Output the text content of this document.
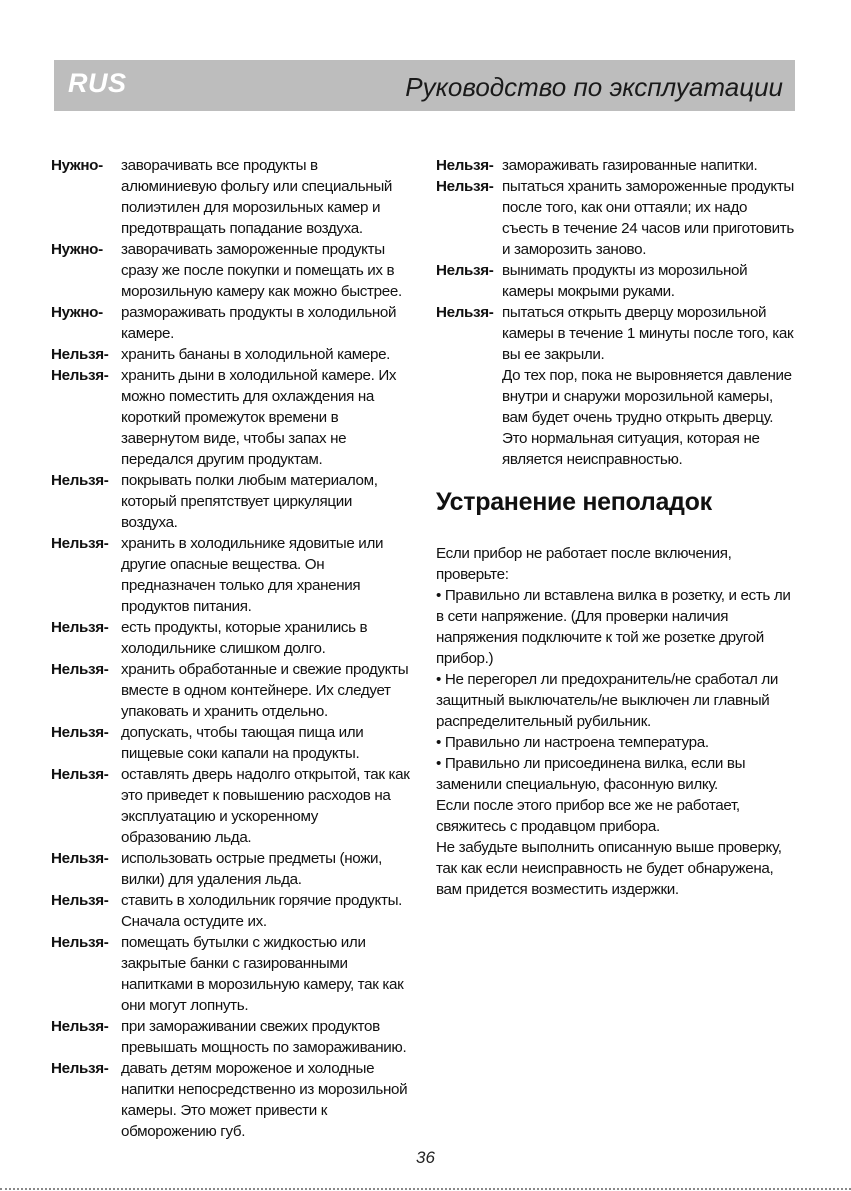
RUS	Руководство по эксплуатации
Нужно-	заворачивать все продукты в алюминиевую фольгу или специальный полиэтилен для морозильных камер и предотвращать попадание воздуха.
Нужно-	заворачивать замороженные продукты сразу же после покупки и помещать их в морозильную камеру как можно быстрее.
Нужно-	размораживать продукты в холодильной камере.
Нельзя- хранить бананы в холодильной камере.
Нельзя- хранить дыни в холодильной камере. Их можно поместить для охлаждения на короткий промежуток времени в завернутом виде, чтобы запах не передался другим продуктам.
Нельзя- покрывать полки любым материалом, который препятствует циркуляции воздуха.
Нельзя- хранить в холодильнике ядовитые или другие опасные вещества. Он предназначен только для хранения продуктов питания.
Нельзя- есть продукты, которые хранились в холодильнике слишком долго.
Нельзя- хранить обработанные и свежие продукты вместе в одном контейнере. Их следует упаковать и хранить отдельно.
Нельзя- допускать, чтобы тающая пища или пищевые соки капали на продукты.
Нельзя- оставлять дверь надолго открытой, так как это приведет к повышению расходов на эксплуатацию и ускоренному образованию льда.
Нельзя- использовать острые предметы (ножи, вилки) для удаления льда.
Нельзя- ставить в холодильник горячие продукты. Сначала остудите их.
Нельзя- помещать бутылки с жидкостью или закрытые банки с газированными напитками в морозильную камеру, так как они могут лопнуть.
Нельзя- при замораживании свежих продуктов превышать мощность по замораживанию.
Нельзя- давать детям мороженое и холодные напитки непосредственно из морозильной камеры. Это может привести к обморожению губ.
Нельзя- замораживать газированные напитки.
Нельзя- пытаться хранить замороженные продукты после того, как они оттаяли; их надо съесть в течение 24 часов или приготовить и заморозить заново.
Нельзя- вынимать продукты из морозильной камеры мокрыми руками.
Нельзя- пытаться открыть дверцу морозильной камеры в течение 1 минуты после того, как вы ее закрыли.
До тех пор, пока не выровняется давление внутри и снаружи морозильной камеры, вам будет очень трудно открыть дверцу. Это нормальная ситуация, которая не является неисправностью.
Устранение неполадок

Если прибор не работает после включения, проверьте:

• Правильно ли вставлена вилка в розетку, и есть ли в сети напряжение. (Для проверки наличия напряжения подключите к той же розетке другой прибор.)

• Не перегорел ли предохранитель/не сработал ли защитный выключатель/не выключен ли главный распределительный рубильник.

• Правильно ли настроена температура.

• Правильно ли присоединена вилка, если вы заменили специальную, фасонную вилку.

Если после этого прибор все же не работает, свяжитесь с продавцом прибора.

Не забудьте выполнить описанную выше проверку, так как если неисправность не будет обнаружена, вам придется возместить издержки.

36
